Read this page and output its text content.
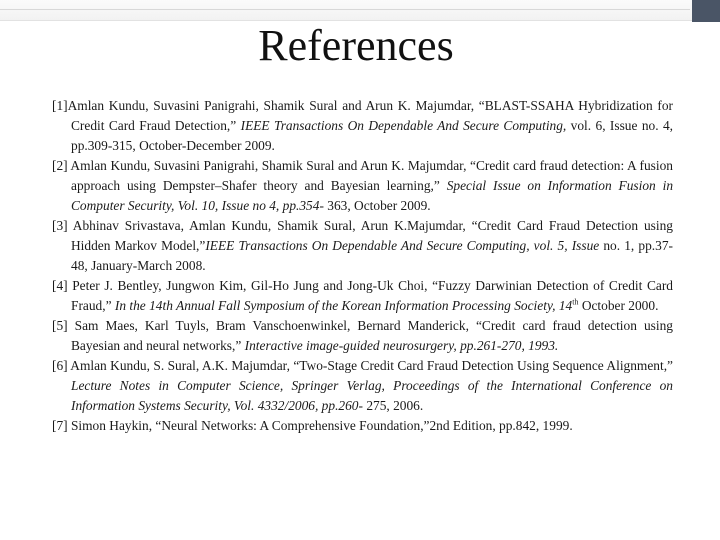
References
[1]Amlan Kundu, Suvasini Panigrahi, Shamik Sural and Arun K. Majumdar, “BLAST-SSAHA Hybridization for Credit Card Fraud Detection,” IEEE Transactions On Dependable And Secure Computing, vol. 6, Issue no. 4, pp.309-315, October-December 2009.
[2] Amlan Kundu, Suvasini Panigrahi, Shamik Sural and Arun K. Majumdar, “Credit card fraud detection: A fusion approach using Dempster–Shafer theory and Bayesian learning,” Special Issue on Information Fusion in Computer Security, Vol. 10, Issue no 4, pp.354- 363, October 2009.
[3] Abhinav Srivastava, Amlan Kundu, Shamik Sural, Arun K.Majumdar, “Credit Card Fraud Detection using Hidden Markov Model,”IEEE Transactions On Dependable And Secure Computing, vol. 5, Issue no. 1, pp.37-48, January-March 2008.
[4] Peter J. Bentley, Jungwon Kim, Gil-Ho Jung and Jong-Uk Choi, “Fuzzy Darwinian Detection of Credit Card Fraud,” In the 14th Annual Fall Symposium of the Korean Information Processing Society, 14th October 2000.
[5] Sam Maes, Karl Tuyls, Bram Vanschoenwinkel, Bernard Manderick, “Credit card fraud detection using Bayesian and neural networks,” Interactive image-guided neurosurgery, pp.261-270, 1993.
[6] Amlan Kundu, S. Sural, A.K. Majumdar, “Two-Stage Credit Card Fraud Detection Using Sequence Alignment,” Lecture Notes in Computer Science, Springer Verlag, Proceedings of the International Conference on Information Systems Security, Vol. 4332/2006, pp.260- 275, 2006.
[7] Simon Haykin, “Neural Networks: A Comprehensive Foundation,”2nd Edition, pp.842, 1999.
